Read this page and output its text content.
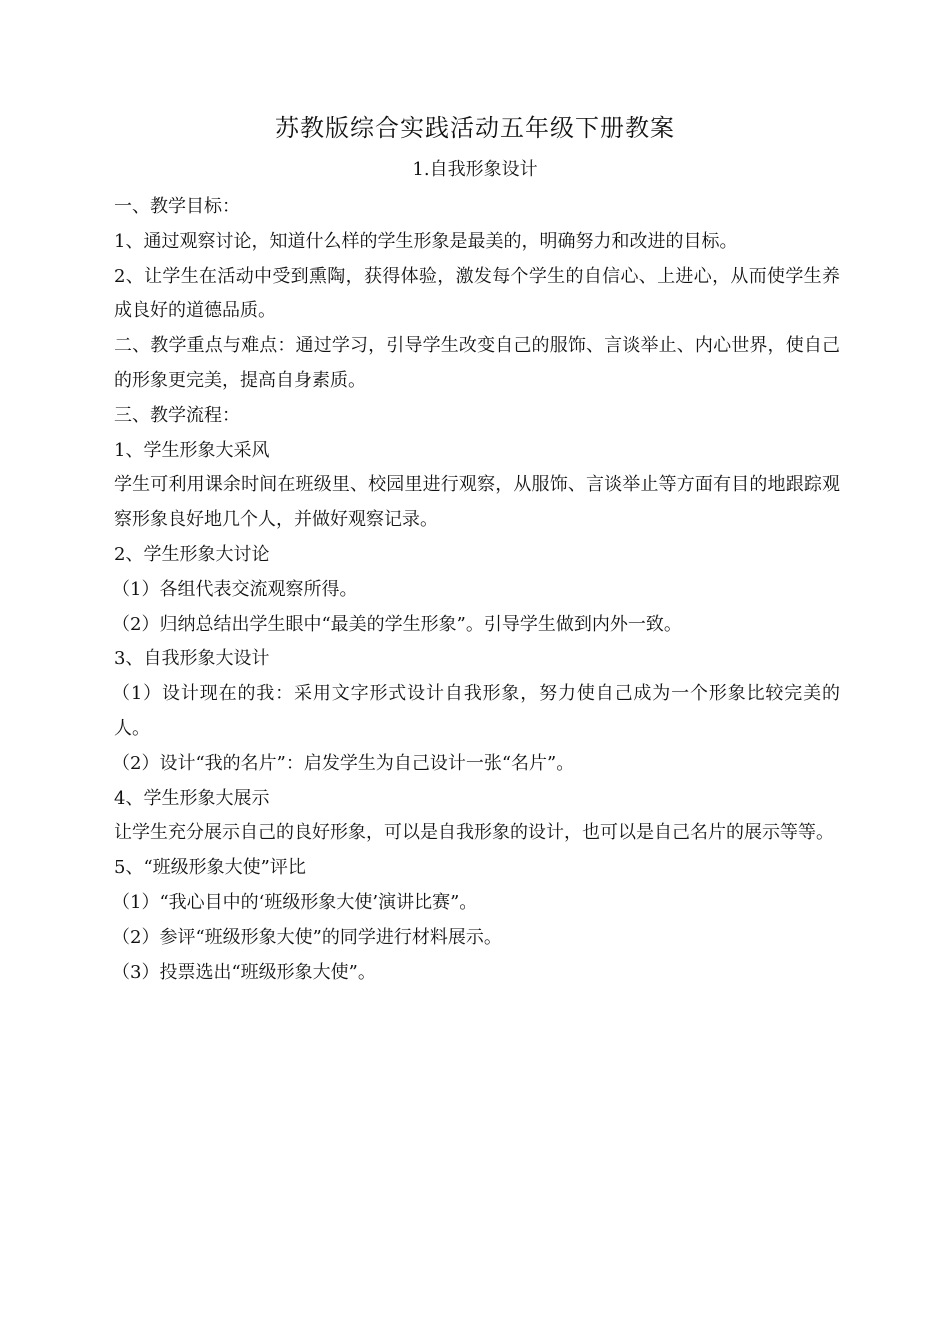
苏教版综合实践活动五年级下册教案
1.自我形象设计

一、教学目标：

1、通过观察讨论，知道什么样的学生形象是最美的，明确努力和改进的目标。

2、让学生在活动中受到熏陶，获得体验，激发每个学生的自信心、上进心，从而使学生养成良好的道德品质。

二、教学重点与难点：通过学习，引导学生改变自己的服饰、言谈举止、内心世界，使自己的形象更完美，提高自身素质。

三、教学流程：

1、学生形象大采风

学生可利用课余时间在班级里、校园里进行观察，从服饰、言谈举止等方面有目的地跟踪观察形象良好地几个人，并做好观察记录。

2、学生形象大讨论

（1）各组代表交流观察所得。

（2）归纳总结出学生眼中“最美的学生形象”。引导学生做到内外一致。

3、自我形象大设计

（1）设计现在的我：采用文字形式设计自我形象，努力使自己成为一个形象比较完美的人。

（2）设计“我的名片”：启发学生为自己设计一张“名片”。

4、学生形象大展示

让学生充分展示自己的良好形象，可以是自我形象的设计，也可以是自己名片的展示等等。

5、“班级形象大使”评比

（1）“我心目中的‘班级形象大使’演讲比赛”。

（2）参评“班级形象大使”的同学进行材料展示。

（3）投票选出“班级形象大使”。
